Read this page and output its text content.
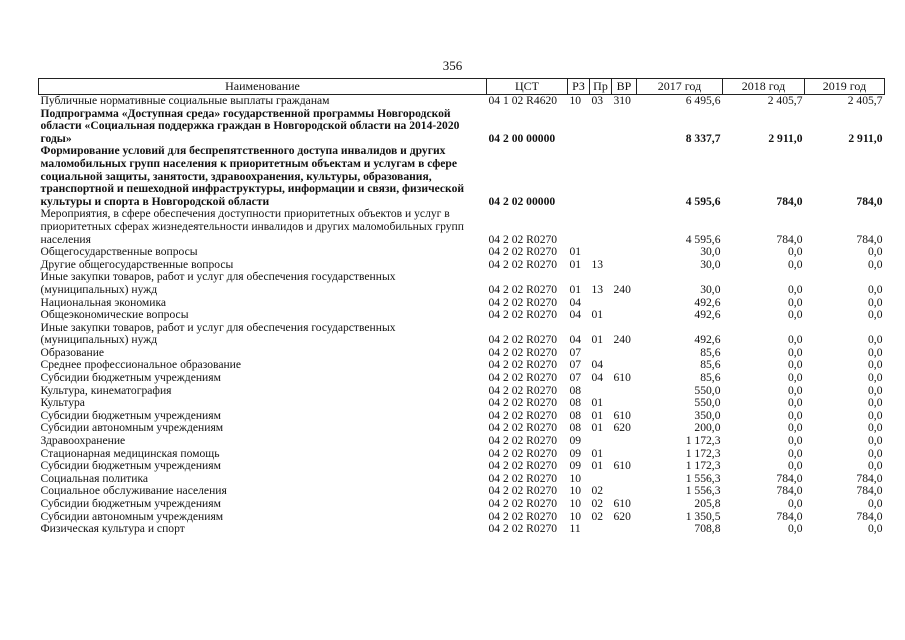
356
Наименование	ЦСТ	РЗ	Пр	ВР	2017 год	2018 год	2019 год
Публичные нормативные социальные выплаты гражданам	04 1 02 R4620	10	03	310	6 495,6	2 405,7	2 405,7
Подпрограмма «Доступная среда» государственной программы Новгородской области «Социальная поддержка граждан в Новгородской области на 2014-2020 годы»	04 2 00 00000				8 337,7	2 911,0	2 911,0
Формирование условий для беспрепятственного доступа инвалидов и других маломобильных групп населения к приоритетным объектам и услугам в сфере социальной защиты, занятости, здравоохранения, культуры, образования, транспортной и пешеходной инфраструктуры, информации и связи, физической культуры и спорта в Новгородской области	04 2 02 00000				4 595,6	784,0	784,0
Мероприятия, в сфере обеспечения доступности приоритетных объектов и услуг в приоритетных сферах жизнедеятельности инвалидов и других маломобильных групп населения	04 2 02 R0270				4 595,6	784,0	784,0
Общегосударственные вопросы	04 2 02 R0270	01			30,0	0,0	0,0
Другие общегосударственные вопросы	04 2 02 R0270	01	13		30,0	0,0	0,0
Иные закупки товаров, работ и услуг для обеспечения государственных (муниципальных) нужд	04 2 02 R0270	01	13	240	30,0	0,0	0,0
Национальная экономика	04 2 02 R0270	04			492,6	0,0	0,0
Общеэкономические вопросы	04 2 02 R0270	04	01		492,6	0,0	0,0
Иные закупки товаров, работ и услуг для обеспечения государственных (муниципальных) нужд	04 2 02 R0270	04	01	240	492,6	0,0	0,0
Образование	04 2 02 R0270	07			85,6	0,0	0,0
Среднее профессиональное образование	04 2 02 R0270	07	04		85,6	0,0	0,0
Субсидии бюджетным учреждениям	04 2 02 R0270	07	04	610	85,6	0,0	0,0
Культура, кинематография	04 2 02 R0270	08			550,0	0,0	0,0
Культура	04 2 02 R0270	08	01		550,0	0,0	0,0
Субсидии бюджетным учреждениям	04 2 02 R0270	08	01	610	350,0	0,0	0,0
Субсидии автономным учреждениям	04 2 02 R0270	08	01	620	200,0	0,0	0,0
Здравоохранение	04 2 02 R0270	09			1 172,3	0,0	0,0
Стационарная медицинская помощь	04 2 02 R0270	09	01		1 172,3	0,0	0,0
Субсидии бюджетным учреждениям	04 2 02 R0270	09	01	610	1 172,3	0,0	0,0
Социальная политика	04 2 02 R0270	10			1 556,3	784,0	784,0
Социальное обслуживание населения	04 2 02 R0270	10	02		1 556,3	784,0	784,0
Субсидии бюджетным учреждениям	04 2 02 R0270	10	02	610	205,8	0,0	0,0
Субсидии автономным учреждениям	04 2 02 R0270	10	02	620	1 350,5	784,0	784,0
Физическая культура и спорт	04 2 02 R0270	11			708,8	0,0	0,0
